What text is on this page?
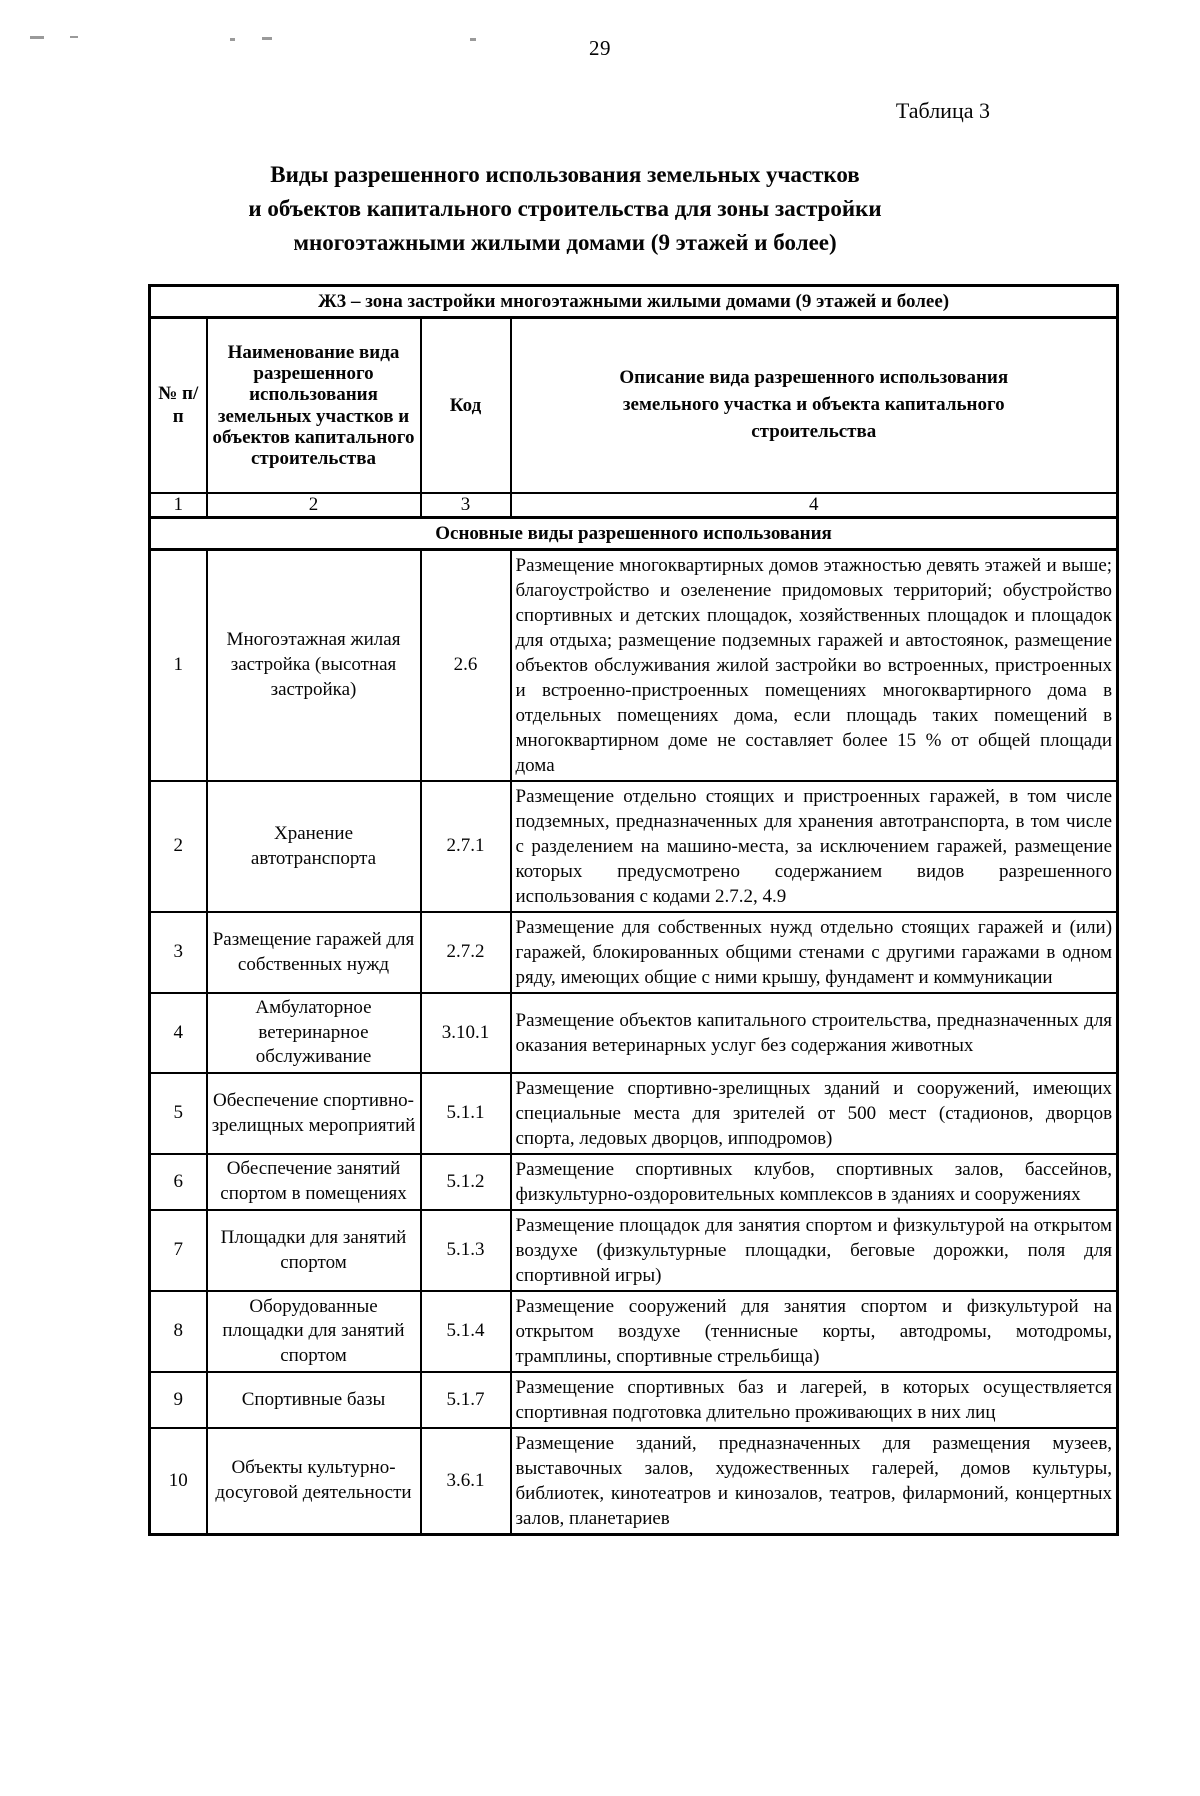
29
Таблица 3
Виды разрешенного использования земельных участков
и объектов капитального строительства для зоны застройки
многоэтажными жилыми домами (9 этажей и более)
Ж3 – зона застройки многоэтажными жилыми домами (9 этажей и более)			
№ п/п	Наименование вида разрешенного использования земельных участков и объектов капитального строительства	Код	Описание вида разрешенного использования земельного участка и объекта капитального строительства

1	2	3	4
Основные виды разрешенного использования			
1	Многоэтажная жилая застройка (высотная застройка)	2.6	Размещение многоквартирных домов этажностью девять этажей и выше; благоустройство и озеленение придомовых территорий; обустройство спортивных и детских площадок, хозяйственных площадок и площадок для отдыха; размещение подземных гаражей и автостоянок, размещение объектов обслуживания жилой застройки во встроенных, пристроенных и встроенно-пристроенных помещениях многоквартирного дома в отдельных помещениях дома, если площадь таких помещений в многоквартирном доме не составляет более 15 % от общей площади дома
2	Хранение автотранспорта	2.7.1	Размещение отдельно стоящих и пристроенных гаражей, в том числе подземных, предназначенных для хранения автотранспорта, в том числе с разделением на машино-места, за исключением гаражей, размещение которых предусмотрено содержанием видов разрешенного использования с кодами 2.7.2, 4.9
3	Размещение гаражей для собственных нужд	2.7.2	Размещение для собственных нужд отдельно стоящих гаражей и (или) гаражей, блокированных общими стенами с другими гаражами в одном ряду, имеющих общие с ними крышу, фундамент и коммуникации
4	Амбулаторное ветеринарное обслуживание	3.10.1	Размещение объектов капитального строительства, предназначенных для оказания ветеринарных услуг без содержания животных
5	Обеспечение спортивно-зрелищных мероприятий	5.1.1	Размещение спортивно-зрелищных зданий и сооружений, имеющих специальные места для зрителей от 500 мест (стадионов, дворцов спорта, ледовых дворцов, ипподромов)
6	Обеспечение занятий спортом в помещениях	5.1.2	Размещение спортивных клубов, спортивных залов, бассейнов, физкультурно-оздоровительных комплексов в зданиях и сооружениях
7	Площадки для занятий спортом	5.1.3	Размещение площадок для занятия спортом и физкультурой на открытом воздухе (физкультурные площадки, беговые дорожки, поля для спортивной игры)
8	Оборудованные площадки для занятий спортом	5.1.4	Размещение сооружений для занятия спортом и физкультурой на открытом воздухе (теннисные корты, автодромы, мотодромы, трамплины, спортивные стрельбища)
9	Спортивные базы	5.1.7	Размещение спортивных баз и лагерей, в которых осуществляется спортивная подготовка длительно проживающих в них лиц
10	Объекты культурно-досуговой деятельности	3.6.1	Размещение зданий, предназначенных для размещения музеев, выставочных залов, художественных галерей, домов культуры, библиотек, кинотеатров и кинозалов, театров, филармоний, концертных залов, планетариев
